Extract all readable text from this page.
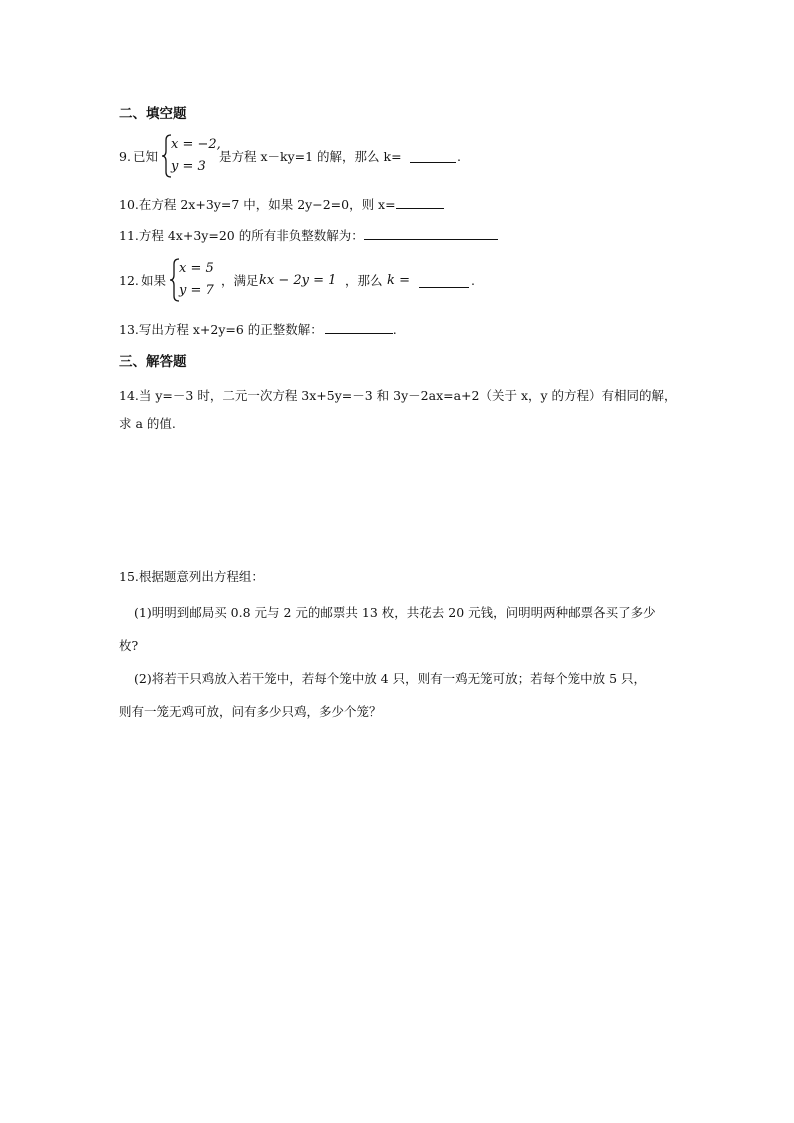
二、填空题
9. 已知
x = −2,
y = 3
是方程 x－ky=1 的解，那么 k=	.
10.在方程 2x+3y=7 中，如果 2y−2=0，则 x=
11.方程 4x+3y=20 的所有非负整数解为：
12. 如果
x = 5
y = 7
，满足 kx − 2y = 1 ，那么 k =	.
13.写出方程 x+2y=6 的正整数解：	.
三、解答题
14.当 y=－3 时，二元一次方程 3x+5y=－3 和 3y－2ax=a+2（关于 x，y 的方程）有相同的解，
求 a 的值.
15.根据题意列出方程组：
(1)明明到邮局买 0.8 元与 2 元的邮票共 13 枚，共花去 20 元钱，问明明两种邮票各买了多少
枚?
(2)将若干只鸡放入若干笼中，若每个笼中放 4 只，则有一鸡无笼可放；若每个笼中放 5 只，
则有一笼无鸡可放，问有多少只鸡，多少个笼？
